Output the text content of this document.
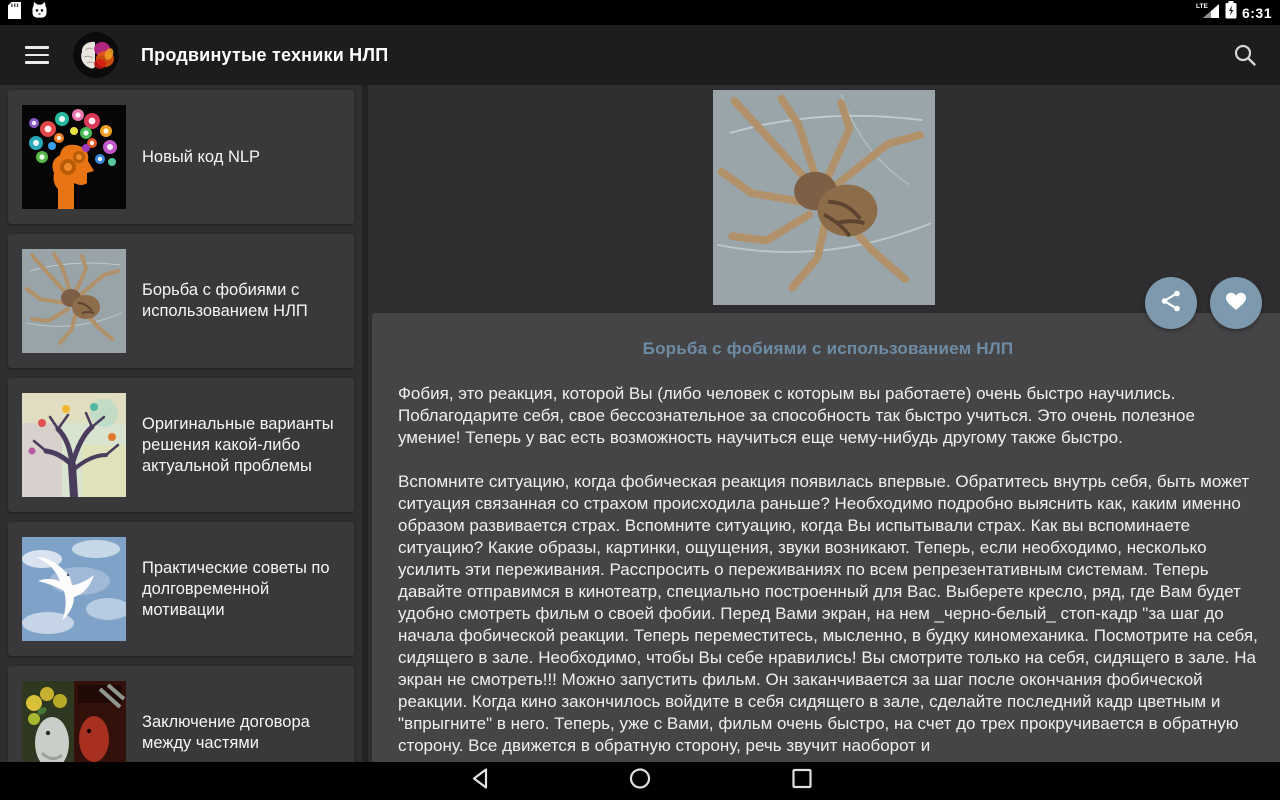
LTE 6:31
Продвинутые техники НЛП
Новый код NLP
Борьба с фобиями с использованием НЛП
Оригинальные варианты решения какой-либо актуальной проблемы
Практические советы по долговременной мотивации
Заключение договора между частями
Борьба с фобиями с использованием НЛП

Фобия, это реакция, которой Вы (либо человек с которым вы работаете) очень быстро научились. Поблагодарите себя, свое бессознательное за способность так быстро учиться. Это очень полезное умение! Теперь у вас есть возможность научиться еще чему-нибудь другому также быстро.

Вспомните ситуацию, когда фобическая реакция появилась впервые. Обратитесь внутрь себя, быть может ситуация связанная со страхом происходила раньше? Необходимо подробно выяснить как, каким именно образом развивается страх. Вспомните ситуацию, когда Вы испытывали страх. Как вы вспоминаете ситуацию? Какие образы, картинки, ощущения, звуки возникают. Теперь, если необходимо, несколько усилить эти переживания. Расспросить о переживаниях по всем репрезентативным системам. Теперь давайте отправимся в кинотеатр, специально построенный для Вас. Выберете кресло, ряд, где Вам будет удобно смотреть фильм о своей фобии. Перед Вами экран, на нем _черно-белый_ стоп-кадр "за шаг до начала фобической реакции. Теперь переместитесь, мысленно, в будку киномеханика. Посмотрите на себя, сидящего в зале. Необходимо, чтобы Вы себе нравились! Вы смотрите только на себя, сидящего в зале. На экран не смотреть!!! Можно запустить фильм. Он заканчивается за шаг после окончания фобической реакции. Когда кино закончилось войдите в себя сидящего в зале, сделайте последний кадр цветным и "впрыгните" в него. Теперь, уже с Вами, фильм очень быстро, на счет до трех прокручивается в обратную сторону. Все движется в обратную сторону, речь звучит наоборот и
